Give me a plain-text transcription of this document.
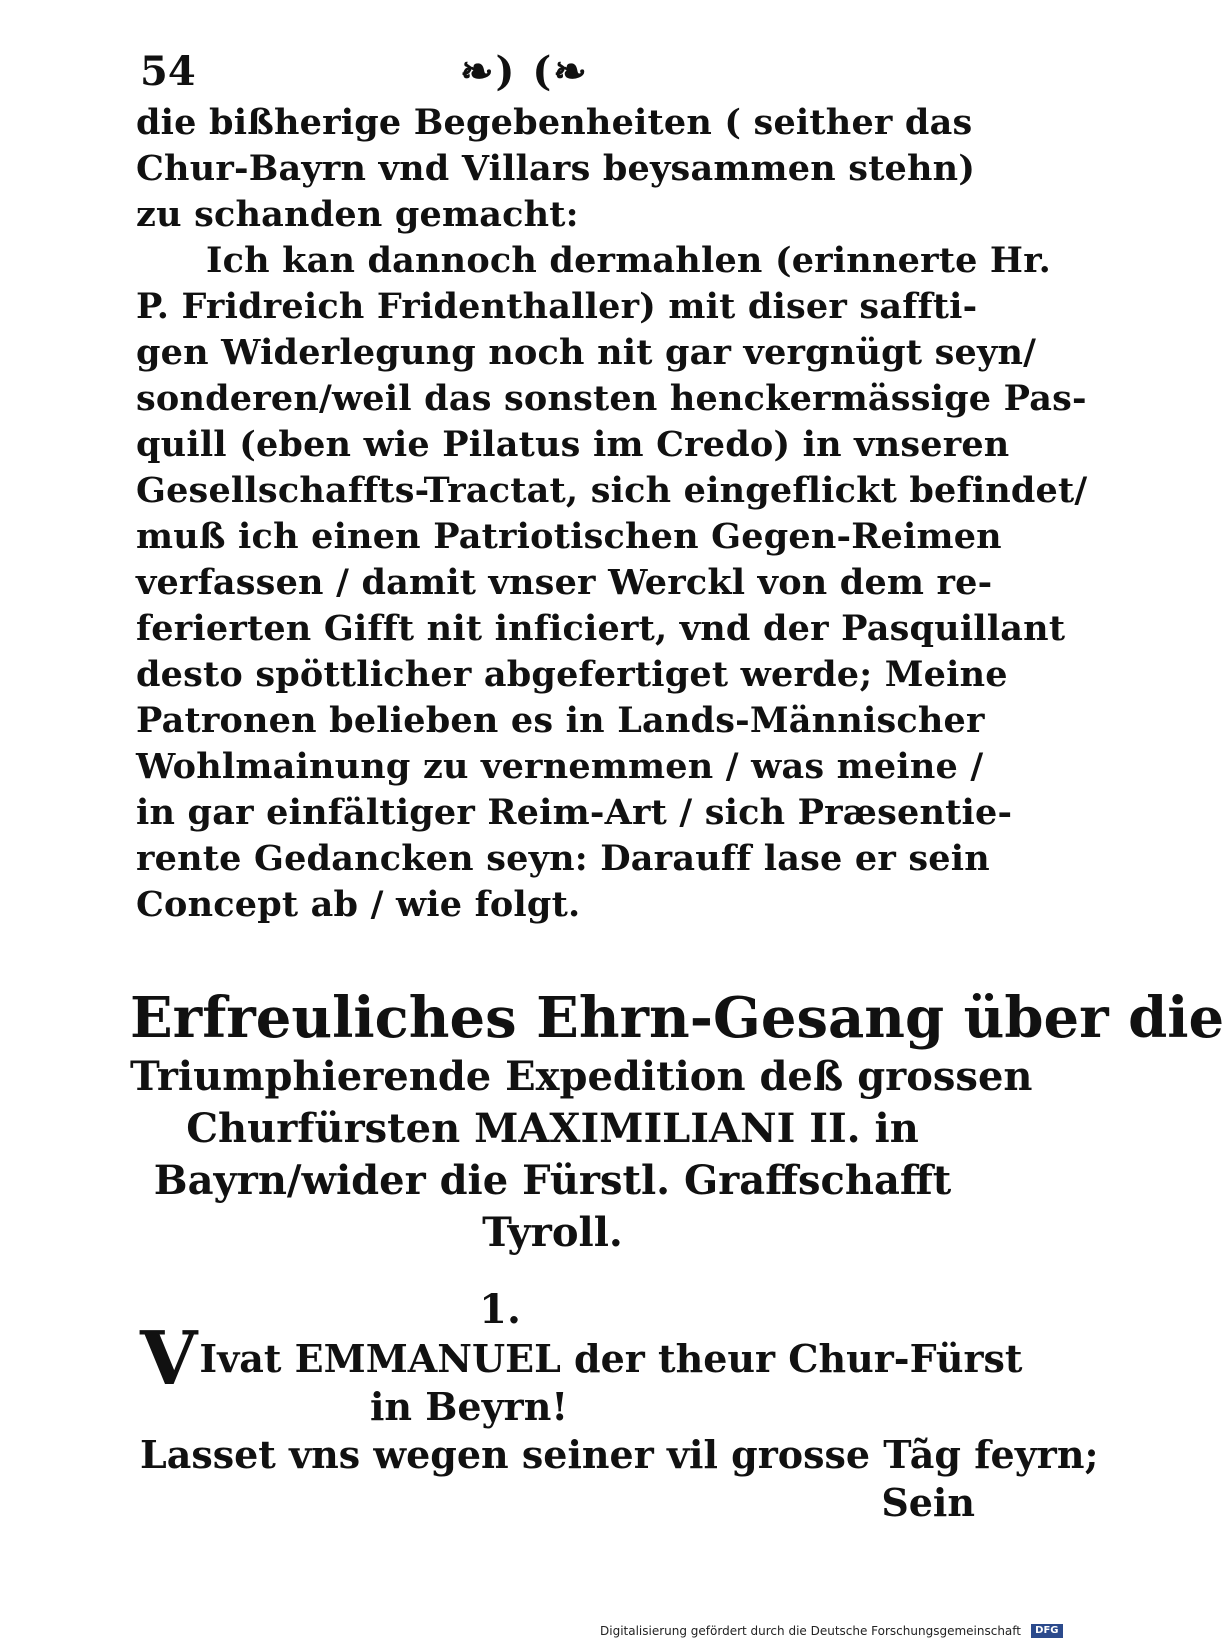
54	❧) (❧
die bißherige Begebenheiten ( seither das
Chur-Bayrn vnd Villars beysammen stehn)
zu schanden gemacht:
Ich kan dannoch dermahlen (erinnerte Hr.
P. Fridreich Fridenthaller) mit diser saffti-
gen Widerlegung noch nit gar vergnügt seyn/
sonderen/weil das sonsten henckermässige Pas-
quill (eben wie Pilatus im Credo) in vnseren
Gesellschaffts-Tractat, sich eingeflickt befindet/
muß ich einen Patriotischen Gegen-Reimen
verfassen / damit vnser Werckl von dem re-
ferierten Gifft nit inficiert, vnd der Pasquillant
desto spöttlicher abgefertiget werde; Meine
Patronen belieben es in Lands-Männischer
Wohlmainung zu vernemmen / was meine /
in gar einfältiger Reim-Art / sich Præsentie-
rente Gedancken seyn: Darauff lase er sein
Concept ab / wie folgt.
Erfreuliches Ehrn-Gesang über die
Triumphierende Expedition deß grossen
Churfürsten MAXIMILIANI II. in
Bayrn/wider die Fürstl. Graffschafft
Tyroll.
1.
VIvat EMMANUEL der theur Chur-Fürst
in Beyrn!
Lasset vns wegen seiner vil grosse Tãg feyrn;
Sein
Digitalisierung gefördert durch die Deutsche Forschungsgemeinschaft DFG
